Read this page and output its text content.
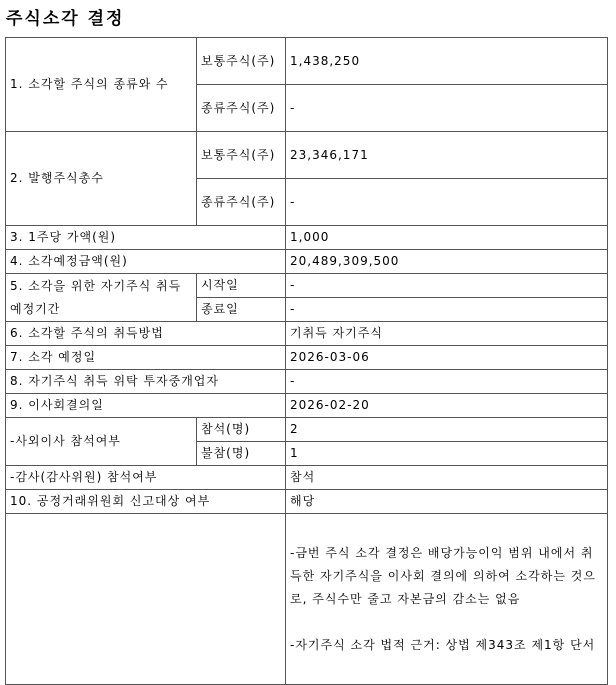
주식소각 결정
1. 소각할 주식의 종류와 수	보통주식(주)	1,438,250
	종류주식(주)	-
2. 발행주식총수	보통주식(주)	23,346,171
	종류주식(주)	-
3. 1주당 가액(원)		1,000
4. 소각예정금액(원)		20,489,309,500
5. 소각을 위한 자기주식 취득 예정기간	시작일	-
	종료일	-
6. 소각할 주식의 취득방법		기취득 자기주식
7. 소각 예정일		2026-03-06
8. 자기주식 취득 위탁 투자중개업자		-
9. 이사회결의일		2026-02-20
-사외이사 참석여부	참석(명)	2
	불참(명)	1
-감사(감사위원) 참석여부		참석
10. 공정거래위원회 신고대상 여부		해당

		-금번 주식 소각 결정은 배당가능이익 범위 내에서 취득한 자기주식을 이사회 결의에 의하여 소각하는 것으로, 주식수만 줄고 자본금의 감소는 없음
-자기주식 소각 법적 근거: 상법 제343조 제1항 단서
